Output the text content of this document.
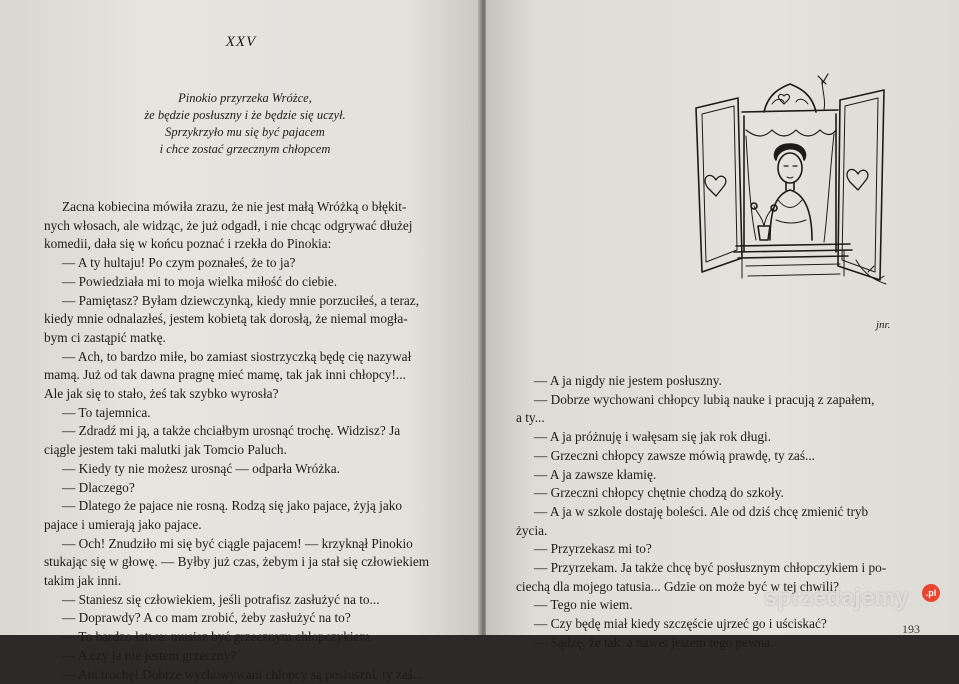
XXV
Pinokio przyrzeka Wróżce,
że będzie posłuszny i że będzie się uczył.
Sprzykrzyło mu się być pajacem
i chce zostać grzecznym chłopcem
Zacna kobiecina mówiła zrazu, że nie jest małą Wróżką o błękit-
nych włosach, ale widząc, że już odgadł, i nie chcąc odgrywać dłużej
komedii, dała się w końcu poznać i rzekła do Pinokia:
— A ty hultaju! Po czym poznałeś, że to ja?
— Powiedziała mi to moja wielka miłość do ciebie.
— Pamiętasz? Byłam dziewczynką, kiedy mnie porzuciłeś, a teraz,
kiedy mnie odnalazłeś, jestem kobietą tak dorosłą, że niemal mogła-
bym ci zastąpić matkę.
— Ach, to bardzo miłe, bo zamiast siostrzyczką będę cię nazywał
mamą. Już od tak dawna pragnę mieć mamę, tak jak inni chłopcy!...
Ale jak się to stało, żeś tak szybko wyrosła?
— To tajemnica.
— Zdradź mi ją, a także chciałbym urosnąć trochę. Widzisz? Ja
ciągle jestem taki malutki jak Tomcio Paluch.
— Kiedy ty nie możesz urosnąć — odparła Wróżka.
— Dlaczego?
— Dlatego że pajace nie rosną. Rodzą się jako pajace, żyją jako
pajace i umierają jako pajace.
— Och! Znudziło mi się być ciągle pajacem! — krzyknął Pinokio
stukając się w głowę. — Byłby już czas, żebym i ja stał się człowiekiem
takim jak inni.
— Staniesz się człowiekiem, jeśli potrafisz zasłużyć na to...
— Doprawdy? A co mam zrobić, żeby zasłużyć na to?
— To bardzo łatwe: musisz być grzecznym chłopczykiem.
— A czy ja nie jestem grzeczny?
— Ani trochę! Dobrze wychowywani chłopcy są posłuszni, ty zaś...
jnr.
— A ja nigdy nie jestem posłuszny.
— Dobrze wychowani chłopcy lubią nauke i pracują z zapałem,
a ty...
— A ja próżnuję i wałęsam się jak rok długi.
— Grzeczni chłopcy zawsze mówią prawdę, ty zaś...
— A ja zawsze kłamię.
— Grzeczni chłopcy chętnie chodzą do szkoły.
— A ja w szkole dostaję boleści. Ale od dziś chcę zmienić tryb
życia.
— Przyrzekasz mi to?
— Przyrzekam. Ja także chcę być posłusznym chłopczykiem i po-
ciechą dla mojego tatusia... Gdzie on może być w tej chwili?
— Tego nie wiem.
— Czy będę miał kiedy szczęście ujrzeć go i uściskać?
— Sądzę, że tak, a nawet jestem tego pewna.
193
sprzedajemy	.pl
